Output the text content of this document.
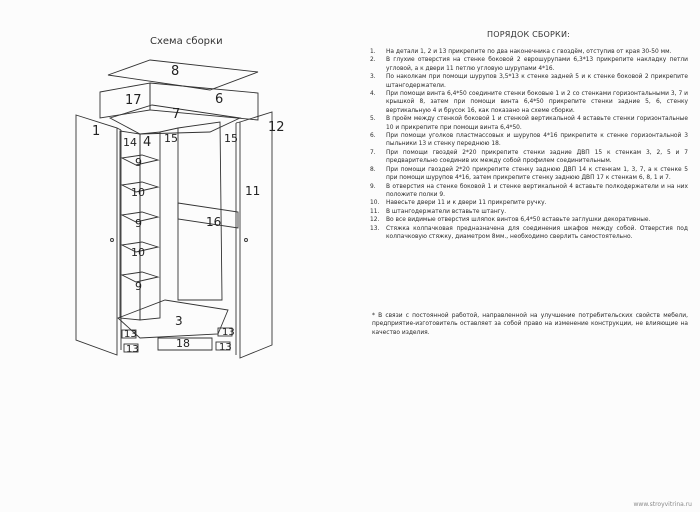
Схема сборки
8
17	6
7
1
14 4 15	15
12
9
10
9
10
9
16
11
3
13
18
13
13
13
ПОРЯДОК СБОРКИ:
1.	На детали 1, 2 и 13 прикрепите по два наконечника с гвоздём, отступив от края 30-50 мм.
2.	В глухие отверстия на стенке боковой 2 еврошурупами 6,3*13 прикрепите накладку петли угловой, а к двери 11 петлю угловую шурупами 4*16.
3.	По наколкам при помощи шурупов 3,5*13 к стенке задней 5 и к стенке боковой 2 прикрепите штангодержатели.
4.	При помощи винта 6,4*50 соедините стенки боковые 1 и 2 со стенками горизонтальными 3, 7 и крышкой 8, затем при помощи винта 6,4*50 прикрепите стенки задние 5, 6, стенку вертикальную 4 и брусок 16, как показано на схеме сборки.
5.	В проём между стенкой боковой 1 и стенкой вертикальной 4 вставьте стенки горизонтальные 10 и прикрепите при помощи винта 6,4*50.
6.	При помощи уголков пластмассовых и шурупов 4*16 прикрепите к стенке горизонтальной 3 пыльники 13 и стенку переднюю 18.
7.	При помощи гвоздей 2*20 прикрепите стенки задние ДВП 15 к стенкам 3, 2, 5 и 7 предварительно соединив их между собой профилем соединительным.
8.	При помощи гвоздей 2*20 прикрепите стенку заднюю ДВП 14 к стенкам 1, 3, 7, а к стенке 5 при помощи шурупов 4*16, затем прикрепите стенку заднюю ДВП 17 к стенкам 6, 8, 1 и 7.
9.	В отверстия на стенке боковой 1 и стенке вертикальной 4 вставьте полкодержатели и на них положите полки 9.
10.	Навесьте двери 11 и к двери 11 прикрепите ручку.
11.	В штангодержатели вставьте штангу.
12.	Во все видимые отверстия шляпок винтов 6,4*50 вставьте заглушки декоративные.
13.	Стяжка колпачковая предназначена для соединения шкафов между собой. Отверстия под колпачковую стяжку, диаметром 8мм., необходимо сверлить самостоятельно.
* В связи с постоянной работой, направленной на улучшение потребительских свойств мебели, предприятие-изготовитель оставляет за собой право на изменение конструкции, не влияющие на качество изделия.
www.stroyvitrina.ru
